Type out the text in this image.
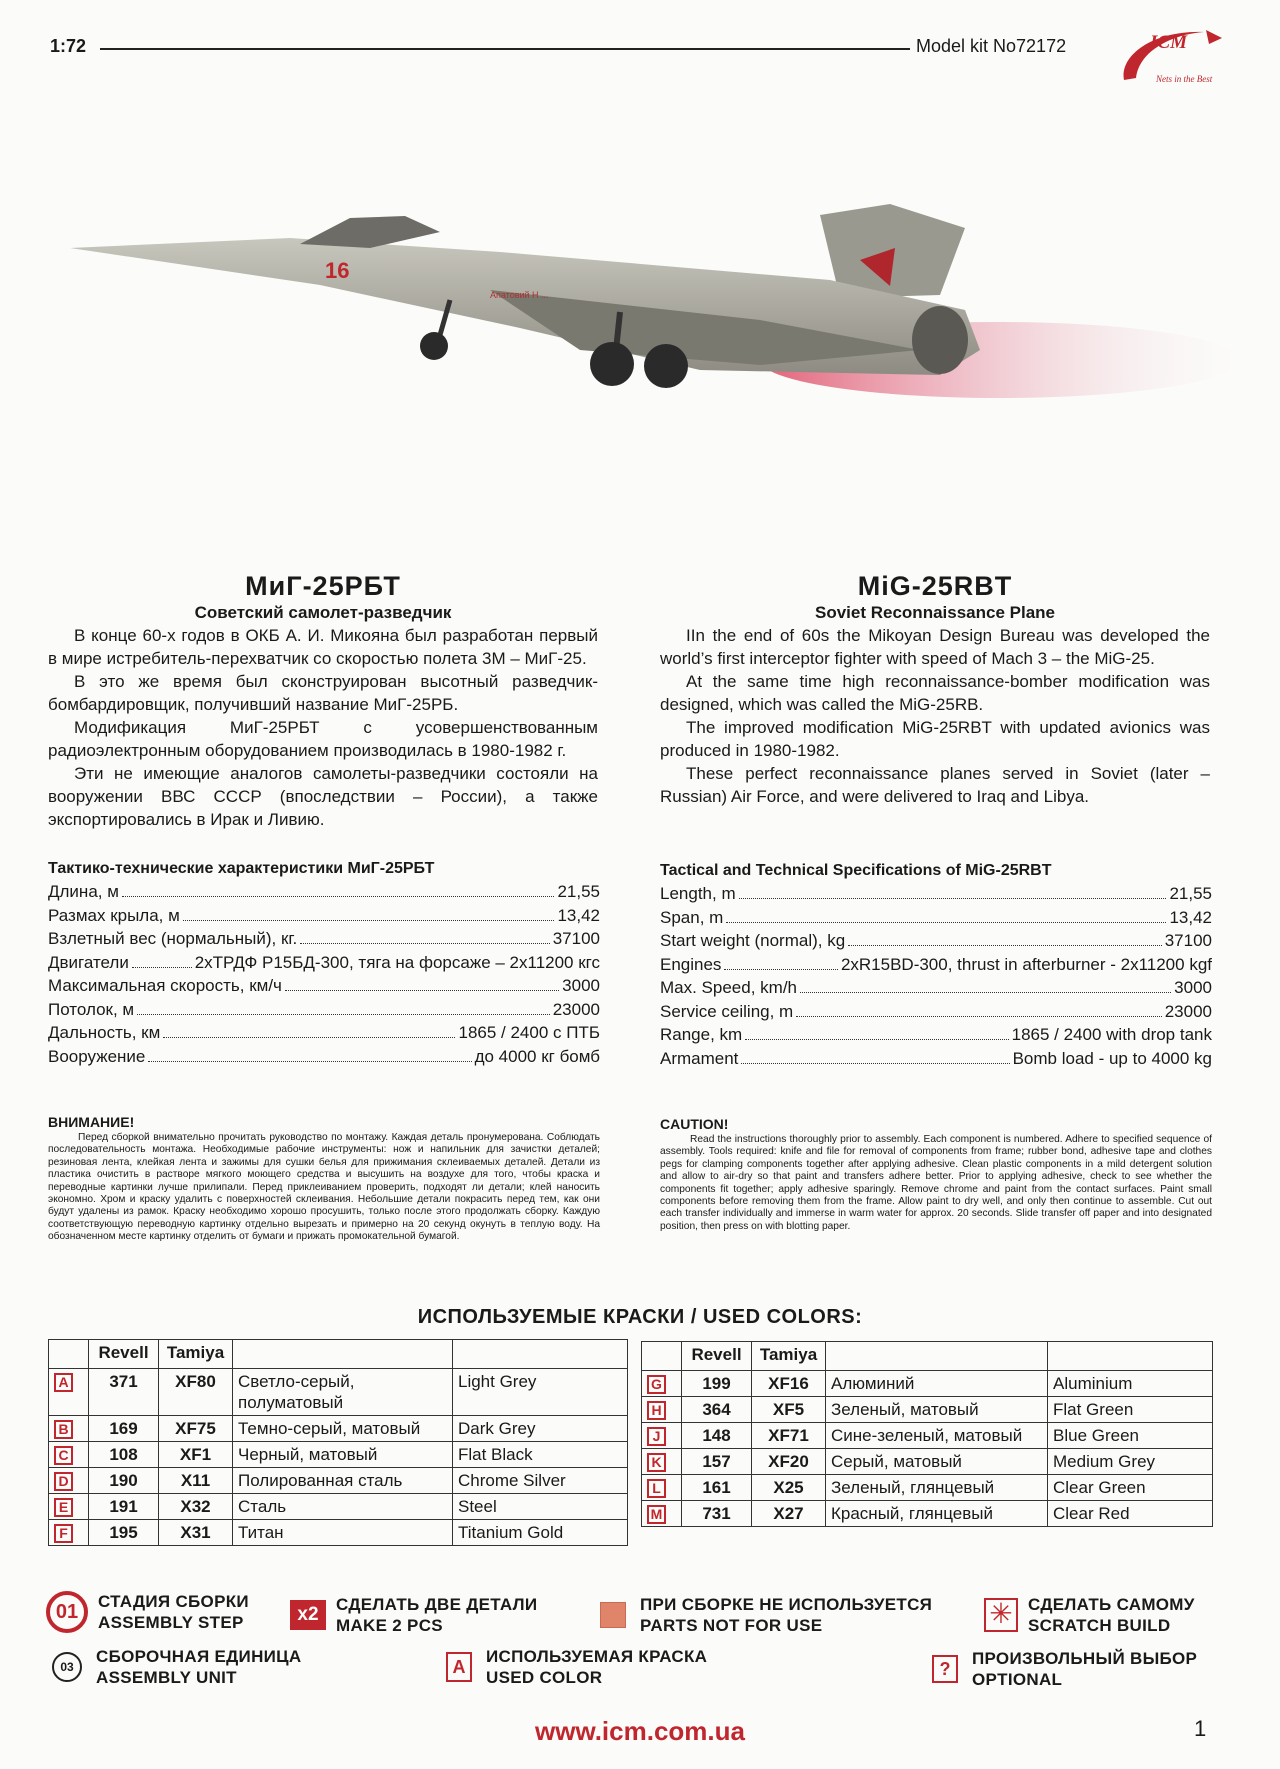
1:72	Model kit No72172	ICM
Nets in the Best
16
Апатовий Н ...
МиГ-25РБТ
Советский самолет-разведчик

В конце 60-х годов в ОКБ А. И. Микояна был разработан первый в мире истребитель-перехватчик со скоростью полета 3М – МиГ-25.

В это же время был сконструирован высотный разведчик-бомбардировщик, получивший название МиГ-25РБ.

Модификация МиГ-25РБТ с усовершенствованным радиоэлектронным оборудованием производилась в 1980-1982 г.

Эти не имеющие аналогов самолеты-разведчики состояли на вооружении ВВС СССР (впоследствии – России), а также экспортировались в Ирак и Ливию.

MiG-25RBT
Soviet Reconnaissance Plane

IIn the end of 60s the Mikoyan Design Bureau was developed the world’s first interceptor fighter with speed of Mach 3 – the MiG-25.

At the same time high reconnaissance-bomber modification was designed, which was called the MiG-25RB.

The improved modification MiG-25RBT with updated avionics was produced in 1980-1982.

These perfect reconnaissance planes served in Soviet (later – Russian) Air Force, and were delivered to Iraq and Libya.

Тактико-технические характеристики МиГ-25РБТ
Длина, м	21,55
Размах крыла, м	13,42
Взлетный вес (нормальный), кг.	37100
Двигатели	2хТРДФ Р15БД-300, тяга на форсаже – 2х11200 кгс
Максимальная скорость, км/ч	3000
Потолок, м	23000
Дальность, км	1865 / 2400 с ПТБ
Вооружение	до 4000 кг бомб
Tactical and Technical Specifications of MiG-25RBT
Length, m	21,55
Span, m	13,42
Start weight (normal), kg	37100
Engines	2xR15BD-300, thrust in afterburner - 2x11200 kgf
Max. Speed, km/h	3000
Service ceiling, m	23000
Range, km	1865 / 2400 with drop tank
Armament	Bomb load - up to 4000 kg
ВНИМАНИЕ!

Перед сборкой внимательно прочитать руководство по монтажу. Каждая деталь пронумерована. Соблюдать последовательность монтажа. Необходимые рабочие инструменты: нож и напильник для зачистки деталей; резиновая лента, клейкая лента и зажимы для сушки белья для прижимания склеиваемых деталей. Детали из пластика очистить в растворе мягкого моющего средства и высушить на воздухе для того, чтобы краска и переводные картинки лучше прилипали. Перед приклеиванием проверить, подходят ли детали; клей наносить экономно. Хром и краску удалить с поверхностей склеивания. Небольшие детали покрасить перед тем, как они будут удалены из рамок. Краску необходимо хорошо просушить, только после этого продолжать сборку. Каждую соответствующую переводную картинку отдельно вырезать и примерно на 20 секунд окунуть в теплую воду. На обозначенном месте картинку отделить от бумаги и прижать промокательной бумагой.

CAUTION!

Read the instructions thoroughly prior to assembly. Each component is numbered. Adhere to specified sequence of assembly. Tools required: knife and file for removal of components from frame; rubber bond, adhesive tape and clothes pegs for clamping components together after applying adhesive. Clean plastic components in a mild detergent solution and allow to air-dry so that paint and transfers adhere better. Prior to applying adhesive, check to see whether the components fit together; apply adhesive sparingly. Remove chrome and paint from the contact surfaces. Paint small components before removing them from the frame. Allow paint to dry well, and only then continue to assemble. Cut out each transfer individually and immerse in warm water for approx. 20 seconds. Slide transfer off paper and into designated position, then press on with blotting paper.

ИСПОЛЬЗУЕМЫЕ КРАСКИ / USED COLORS:
	Revell	Tamiya		
A	371	XF80	Светло-серый, полуматовый	Light Grey
B	169	XF75	Темно-серый, матовый	Dark Grey
C	108	XF1	Черный, матовый	Flat Black
D	190	X11	Полированная сталь	Chrome Silver
E	191	X32	Сталь	Steel
F	195	X31	Титан	Titanium Gold
	Revell	Tamiya		
G	199	XF16	Алюминий	Aluminium
H	364	XF5	Зеленый, матовый	Flat Green
J	148	XF71	Сине-зеленый, матовый	Blue Green
K	157	XF20	Серый, матовый	Medium Grey
L	161	X25	Зеленый, глянцевый	Clear Green
M	731	X27	Красный, глянцевый	Clear Red
01	СТАДИЯ СБОРКИ
ASSEMBLY STEP	x2	СДЕЛАТЬ ДВЕ ДЕТАЛИ
MAKE 2 PCS
ПРИ СБОРКЕ НЕ ИСПОЛЬЗУЕТСЯ
PARTS NOT FOR USE	✳ СДЕЛАТЬ САМОМУ
SCRATCH BUILD
03
СБОРОЧНАЯ ЕДИНИЦА
ASSEMBLY UNIT
A
ИСПОЛЬЗУЕМАЯ КРАСКА
USED COLOR	?
ПРОИЗВОЛЬНЫЙ ВЫБОР
OPTIONAL
www.icm.com.ua	1
